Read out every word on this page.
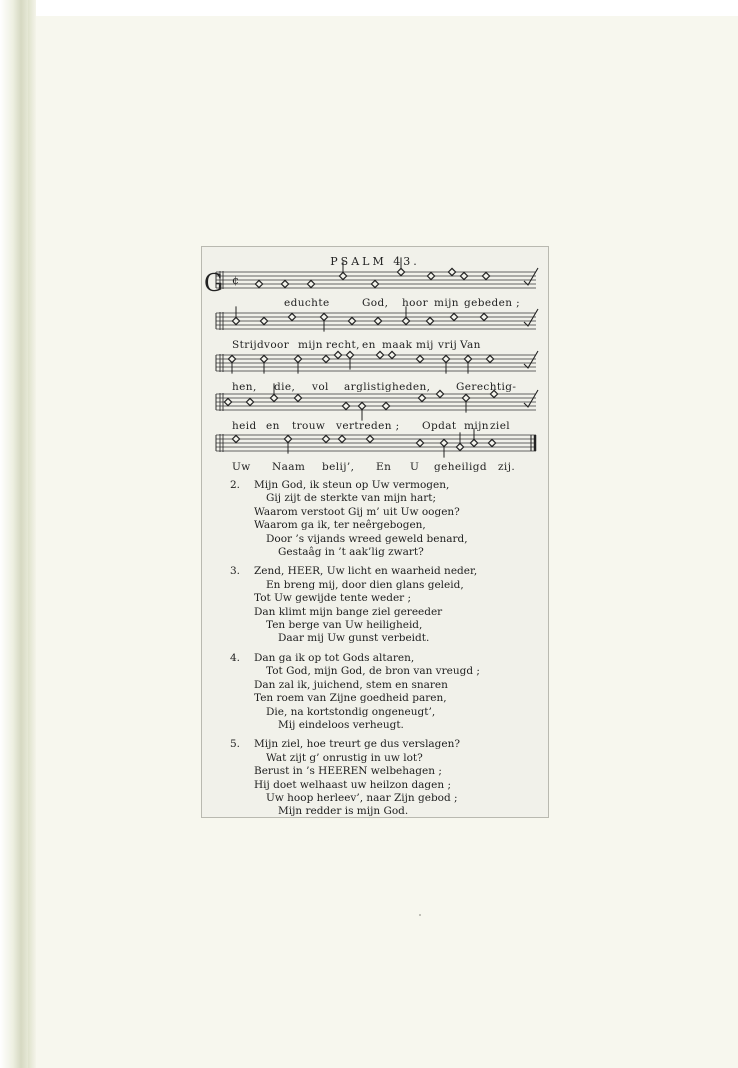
PSALM 43.
G ¢
educhte	God, hoor mijn gebeden ;
Strijd voor mijn recht, en maak mij vrij Van
hen, die, vol arglistigheden, Gerechtig-
heid en trouw vertreden ; Opdat mijn ziel
Uw Naam belij’, En U geheiligd zij.
2. Mijn God, ik steun op Uw vermogen,
Gij zijt de sterkte van mijn hart;
Waarom verstoot Gij m’ uit Uw oogen?
Waarom ga ik, ter neêrgebogen,
Door ’s vijands wreed geweld benard,
Gestaâg in ’t aak’lig zwart?
3. Zend, HEER, Uw licht en waarheid neder,
En breng mij, door dien glans geleid,
Tot Uw gewijde tente weder ;
Dan klimt mijn bange ziel gereeder
Ten berge van Uw heiligheid,
Daar mij Uw gunst verbeidt.
4. Dan ga ik op tot Gods altaren,
Tot God, mijn God, de bron van vreugd ;
Dan zal ik, juichend, stem en snaren
Ten roem van Zijne goedheid paren,
Die, na kortstondig ongeneugt’,
Mij eindeloos verheugt.
5. Mijn ziel, hoe treurt ge dus verslagen?
Wat zijt g’ onrustig in uw lot?
Berust in ’s HEEREN welbehagen ;
Hij doet welhaast uw heilzon dagen ;
Uw hoop herleev’, naar Zijn gebod ;
Mijn redder is mijn God.
